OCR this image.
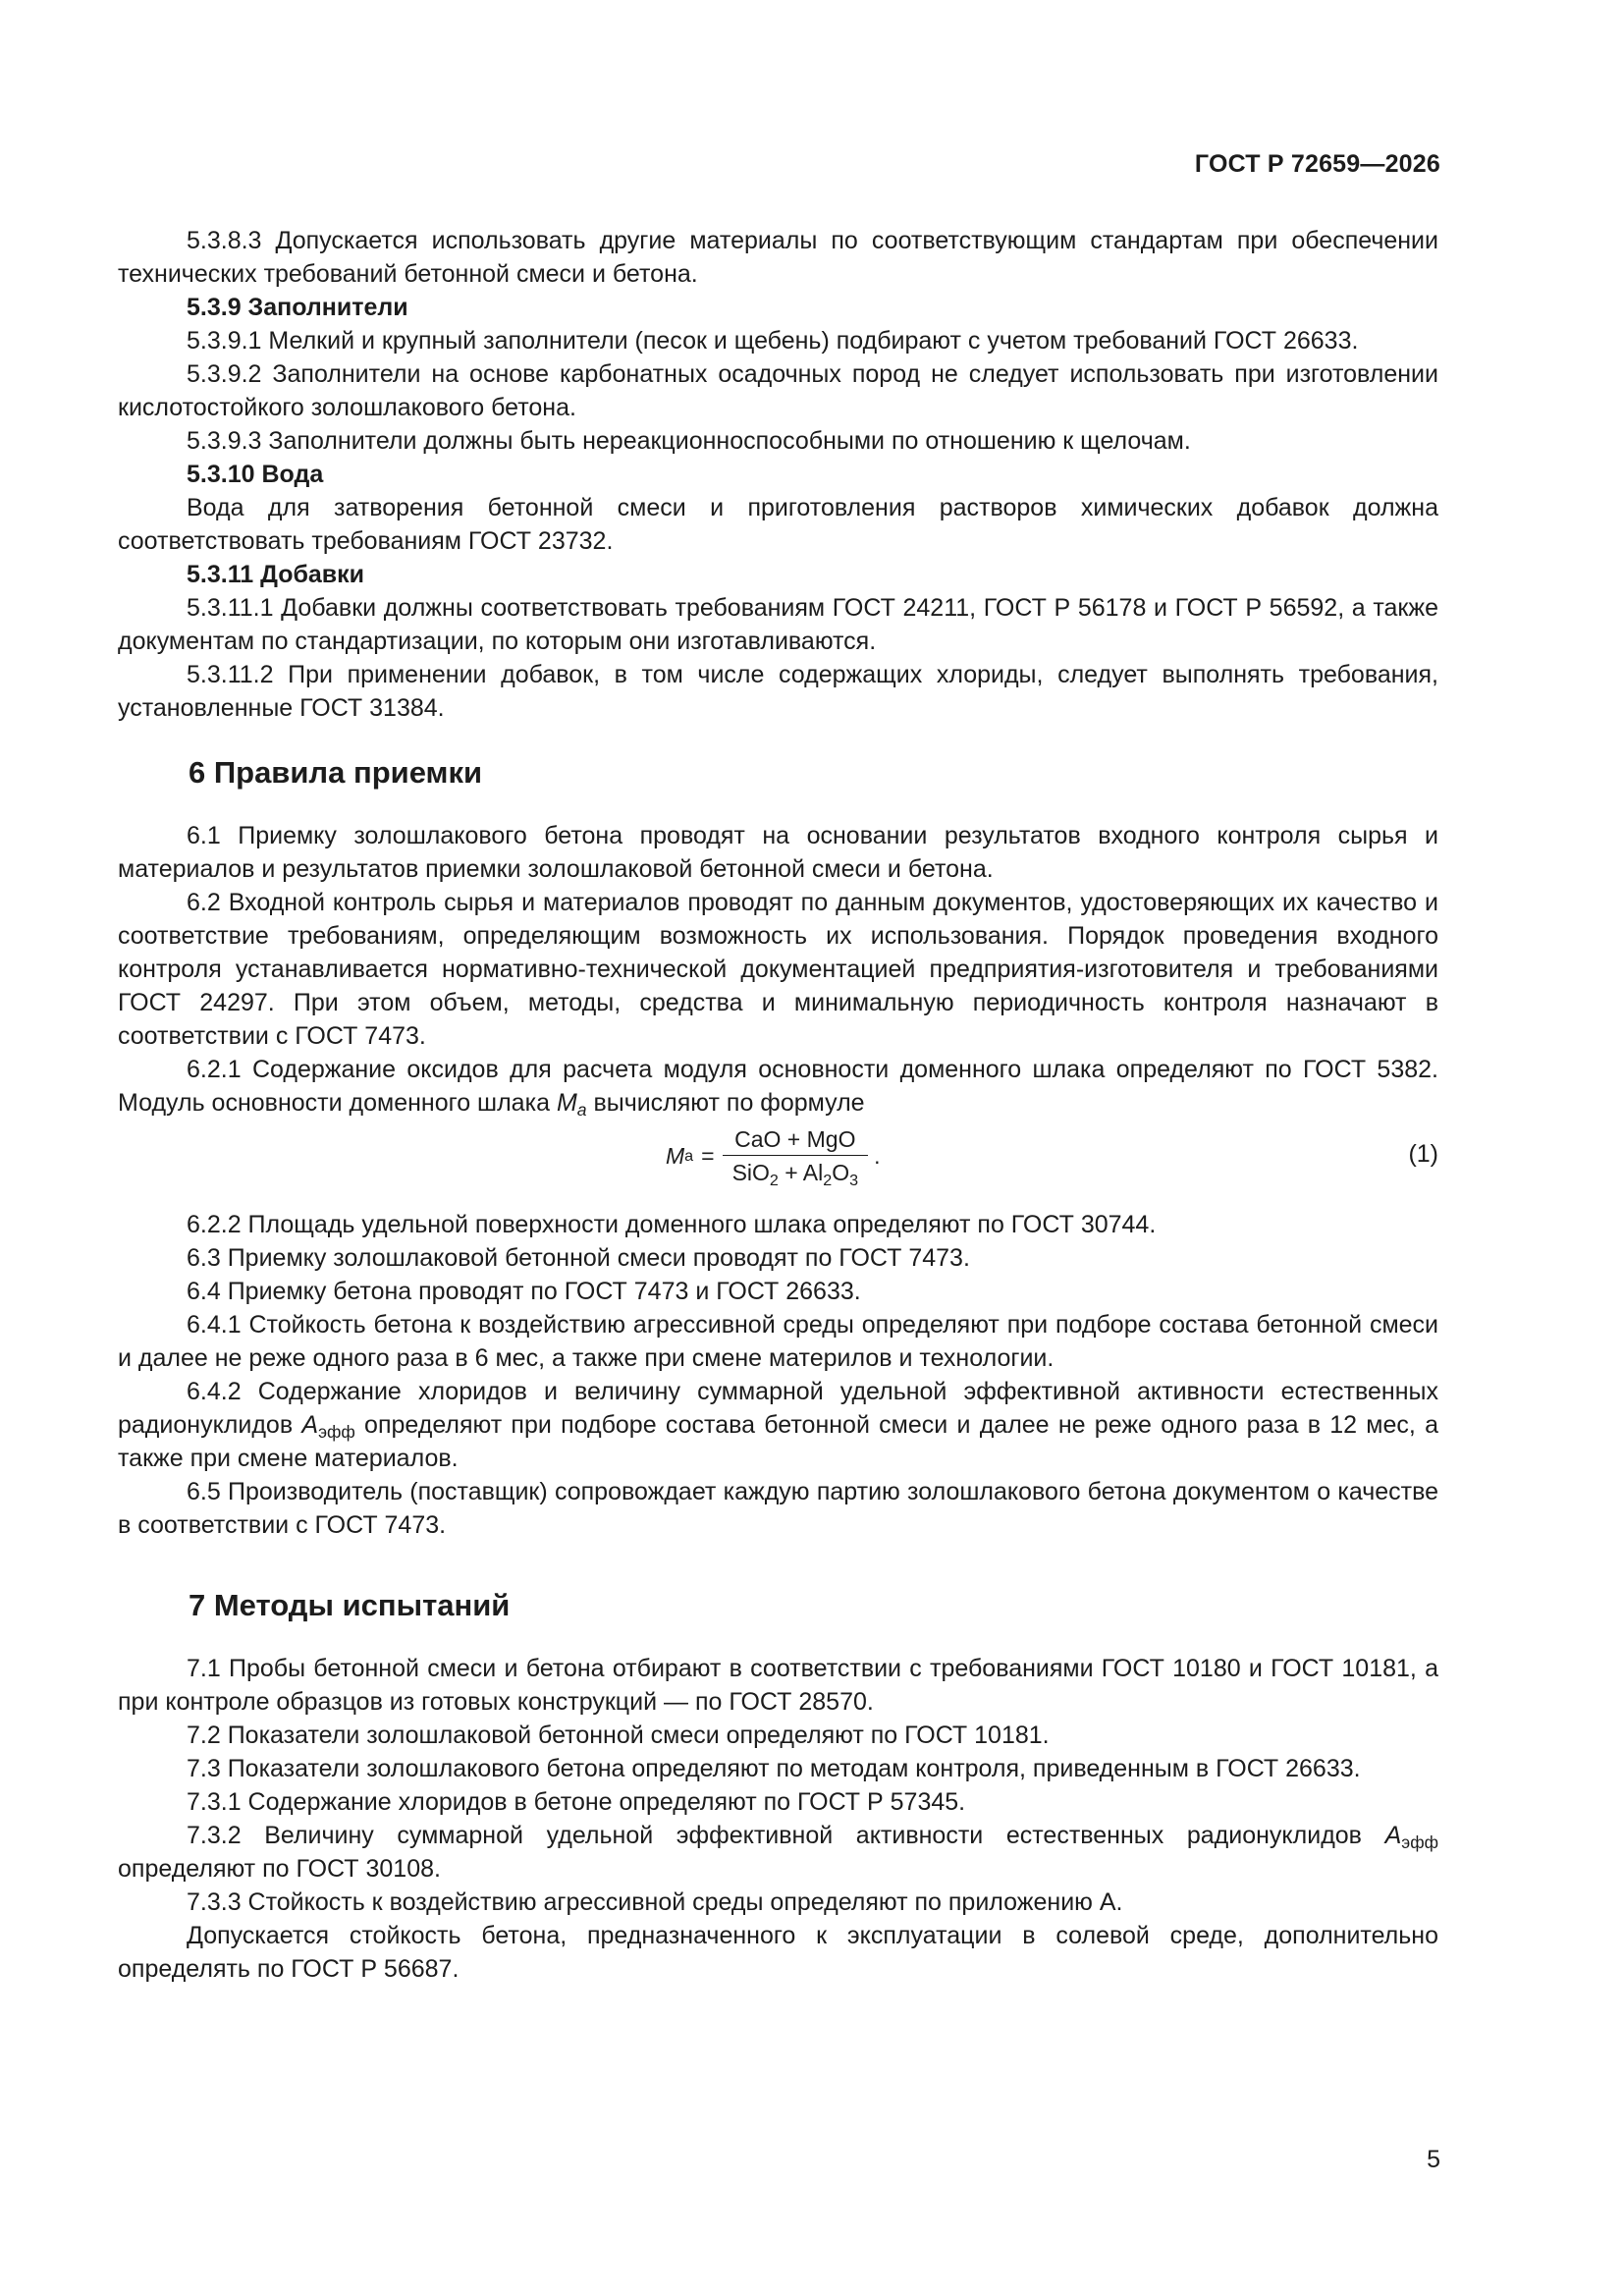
ГОСТ Р 72659—2026

5.3.8.3 Допускается использовать другие материалы по соответствующим стандартам при обеспечении технических требований бетонной смеси и бетона.

5.3.9 Заполнители

5.3.9.1 Мелкий и крупный заполнители (песок и щебень) подбирают с учетом требований ГОСТ 26633.

5.3.9.2 Заполнители на основе карбонатных осадочных пород не следует использовать при изготовлении кислотостойкого золошлакового бетона.

5.3.9.3 Заполнители должны быть нереакционноспособными по отношению к щелочам.

5.3.10 Вода

Вода для затворения бетонной смеси и приготовления растворов химических добавок должна соответствовать требованиям ГОСТ 23732.

5.3.11 Добавки

5.3.11.1 Добавки должны соответствовать требованиям ГОСТ 24211, ГОСТ Р 56178 и ГОСТ Р 56592, а также документам по стандартизации, по которым они изготавливаются.

5.3.11.2 При применении добавок, в том числе содержащих хлориды, следует выполнять требования, установленные ГОСТ 31384.

6 Правила приемки

6.1 Приемку золошлакового бетона проводят на основании результатов входного контроля сырья и материалов и результатов приемки золошлаковой бетонной смеси и бетона.

6.2 Входной контроль сырья и материалов проводят по данным документов, удостоверяющих их качество и соответствие требованиям, определяющим возможность их использования. Порядок проведения входного контроля устанавливается нормативно-технической документацией предприятия-изготовителя и требованиями ГОСТ 24297. При этом объем, методы, средства и минимальную периодичность контроля назначают в соответствии с ГОСТ 7473.

6.2.1 Содержание оксидов для расчета модуля основности доменного шлака определяют по ГОСТ 5382. Модуль основности доменного шлака $M_a$ вычисляют по формуле

M $a = \frac{\text{CaO + MgO}}{SiO_2 + Al_2O_3}$ .	(1)

6.2.2 Площадь удельной поверхности доменного шлака определяют по ГОСТ 30744.

6.3 Приемку золошлаковой бетонной смеси проводят по ГОСТ 7473.

6.4 Приемку бетона проводят по ГОСТ 7473 и ГОСТ 26633.

6.4.1 Стойкость бетона к воздействию агрессивной среды определяют при подборе состава бетонной смеси и далее не реже одного раза в 6 мес, а также при смене материлов и технологии.

6.4.2 Содержание хлоридов и величину суммарной удельной эффективной активности естественных радионуклидов $A_{эфф}$ определяют при подборе состава бетонной смеси и далее не реже одного раза в 12 мес, а также при смене материалов.

6.5 Производитель (поставщик) сопровождает каждую партию золошлакового бетона документом о качестве в соответствии с ГОСТ 7473.

7 Методы испытаний

7.1 Пробы бетонной смеси и бетона отбирают в соответствии с требованиями ГОСТ 10180 и ГОСТ 10181, а при контроле образцов из готовых конструкций — по ГОСТ 28570.

7.2 Показатели золошлаковой бетонной смеси определяют по ГОСТ 10181.

7.3 Показатели золошлакового бетона определяют по методам контроля, приведенным в ГОСТ 26633.

7.3.1 Содержание хлоридов в бетоне определяют по ГОСТ Р 57345.

7.3.2 Величину суммарной удельной эффективной активности естественных радионуклидов $A_{эфф}$ определяют по ГОСТ 30108.

7.3.3 Стойкость к воздействию агрессивной среды определяют по приложению А.

Допускается стойкость бетона, предназначенного к эксплуатации в солевой среде, дополнительно определять по ГОСТ Р 56687.

5
